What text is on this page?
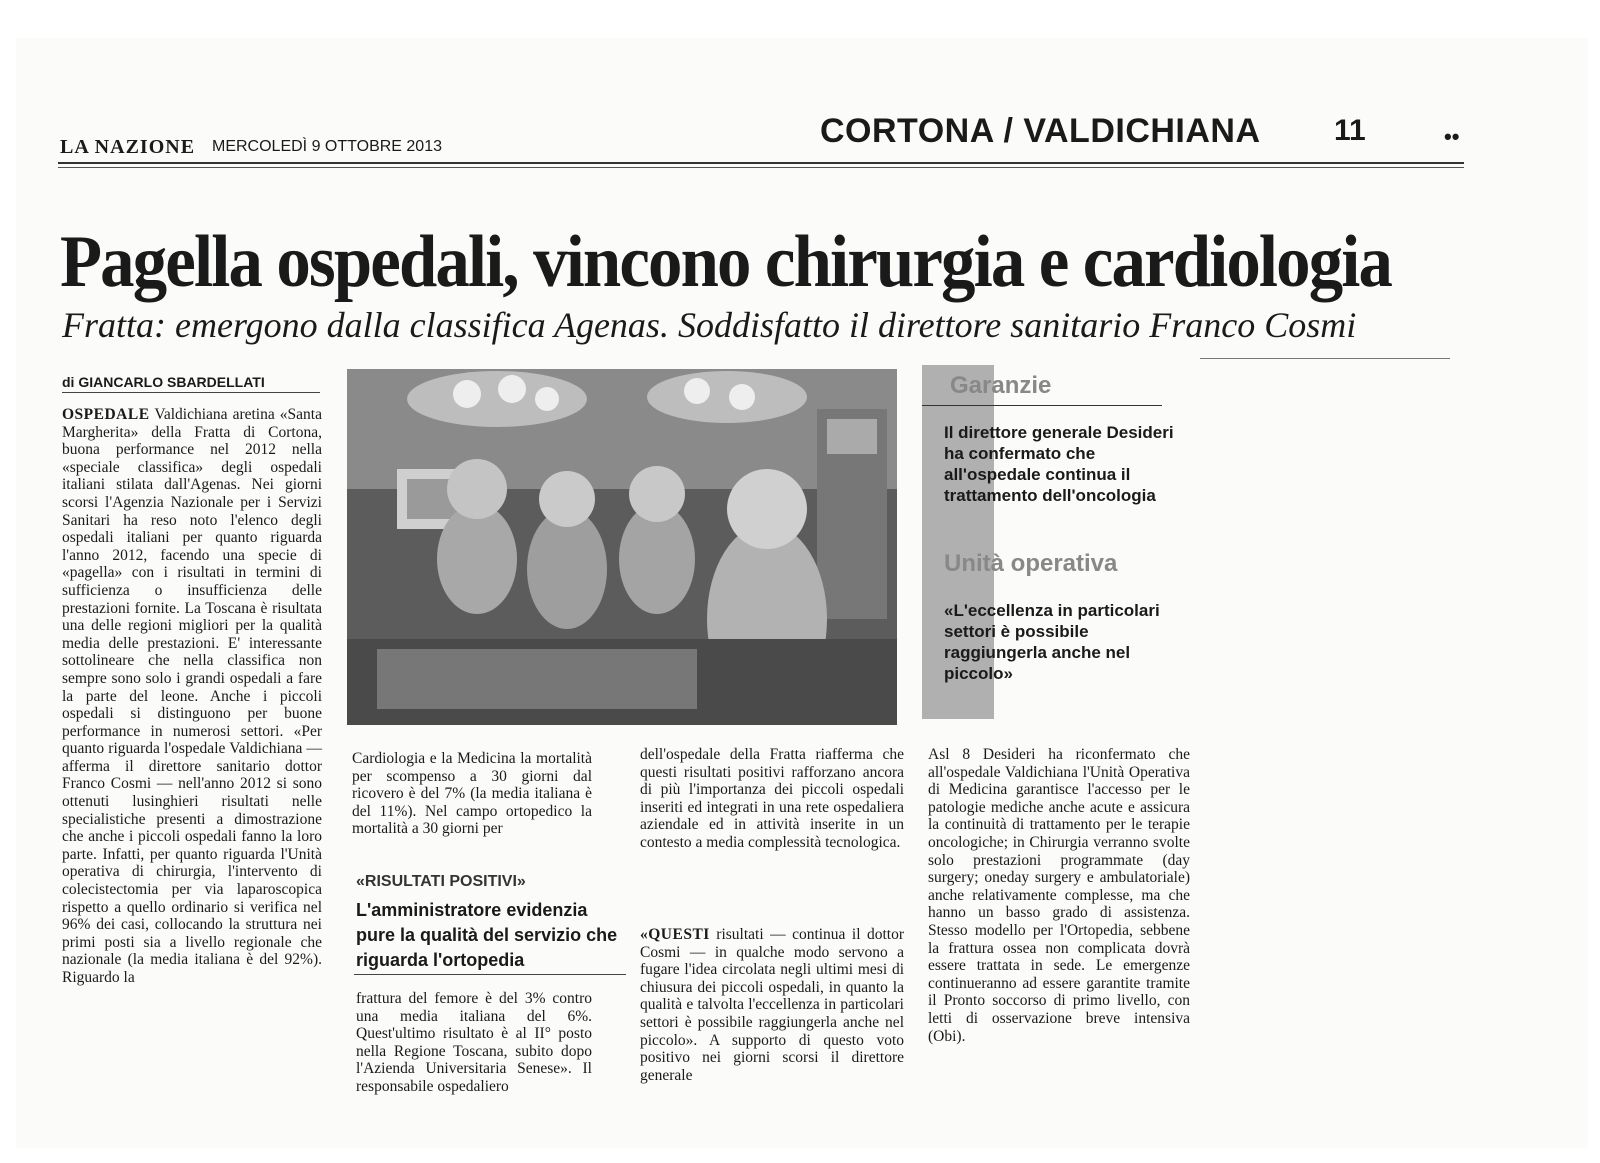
LA NAZIONE MERCOLEDÌ 9 OTTOBRE 2013	CORTONA / VALDICHIANA 11	••
Pagella ospedali, vincono chirurgia e cardiologia
Fratta: emergono dalla classifica Agenas. Soddisfatto il direttore sanitario Franco Cosmi
di GIANCARLO SBARDELLATI
OSPEDALE Valdichiana aretina «Santa Margherita» della Fratta di Cortona, buona performance nel 2012 nella «speciale classifica» degli ospedali italiani stilata dall'Agenas. Nei giorni scorsi l'Agenzia Nazionale per i Servizi Sanitari ha reso noto l'elenco degli ospedali italiani per quanto riguarda l'anno 2012, facendo una specie di «pagella» con i risultati in termini di sufficienza o insufficienza delle prestazioni fornite. La Toscana è risultata una delle regioni migliori per la qualità media delle prestazioni. E' interessante sottolineare che nella classifica non sempre sono solo i grandi ospedali a fare la parte del leone. Anche i piccoli ospedali si distinguono per buone performance in numerosi settori. «Per quanto riguarda l'ospedale Valdichiana — afferma il direttore sanitario dottor Franco Cosmi — nell'anno 2012 si sono ottenuti lusinghieri risultati nelle specialistiche presenti a dimostrazione che anche i piccoli ospedali fanno la loro parte. Infatti, per quanto riguarda l'Unità operativa di chirurgia, l'intervento di colecistectomia per via laparoscopica rispetto a quello ordinario si verifica nel 96% dei casi, collocando la struttura nei primi posti sia a livello regionale che nazionale (la media italiana è del 92%). Riguardo la
Garanzie
Il direttore generale Desideri ha confermato che all'ospedale continua il trattamento dell'oncologia
Unità operativa
«L'eccellenza in particolari settori è possibile raggiungerla anche nel piccolo»
Cardiologia e la Medicina la mortalità per scompenso a 30 giorni dal ricovero è del 7% (la media italiana è del 11%). Nel campo ortopedico la mortalità a 30 giorni per
«RISULTATI POSITIVI»
L'amministratore evidenzia pure la qualità del servizio che riguarda l'ortopedia
frattura del femore è del 3% contro una media italiana del 6%. Quest'ultimo risultato è al II° posto nella Regione Toscana, subito dopo l'Azienda Universitaria Senese». Il responsabile ospedaliero
dell'ospedale della Fratta riafferma che questi risultati positivi rafforzano ancora di più l'importanza dei piccoli ospedali inseriti ed integrati in una rete ospedaliera aziendale ed in attività inserite in un contesto a media complessità tecnologica.
«QUESTI risultati — continua il dottor Cosmi — in qualche modo servono a fugare l'idea circolata negli ultimi mesi di chiusura dei piccoli ospedali, in quanto la qualità e talvolta l'eccellenza in particolari settori è possibile raggiungerla anche nel piccolo». A supporto di questo voto positivo nei giorni scorsi il direttore generale
Asl 8 Desideri ha riconfermato che all'ospedale Valdichiana l'Unità Operativa di Medicina garantisce l'accesso per le patologie mediche anche acute e assicura la continuità di trattamento per le terapie oncologiche; in Chirurgia verranno svolte solo prestazioni programmate (day surgery; oneday surgery e ambulatoriale) anche relativamente complesse, ma che hanno un basso grado di assistenza. Stesso modello per l'Ortopedia, sebbene la frattura ossea non complicata dovrà essere trattata in sede. Le emergenze continueranno ad essere garantite tramite il Pronto soccorso di primo livello, con letti di osservazione breve intensiva (Obi).
